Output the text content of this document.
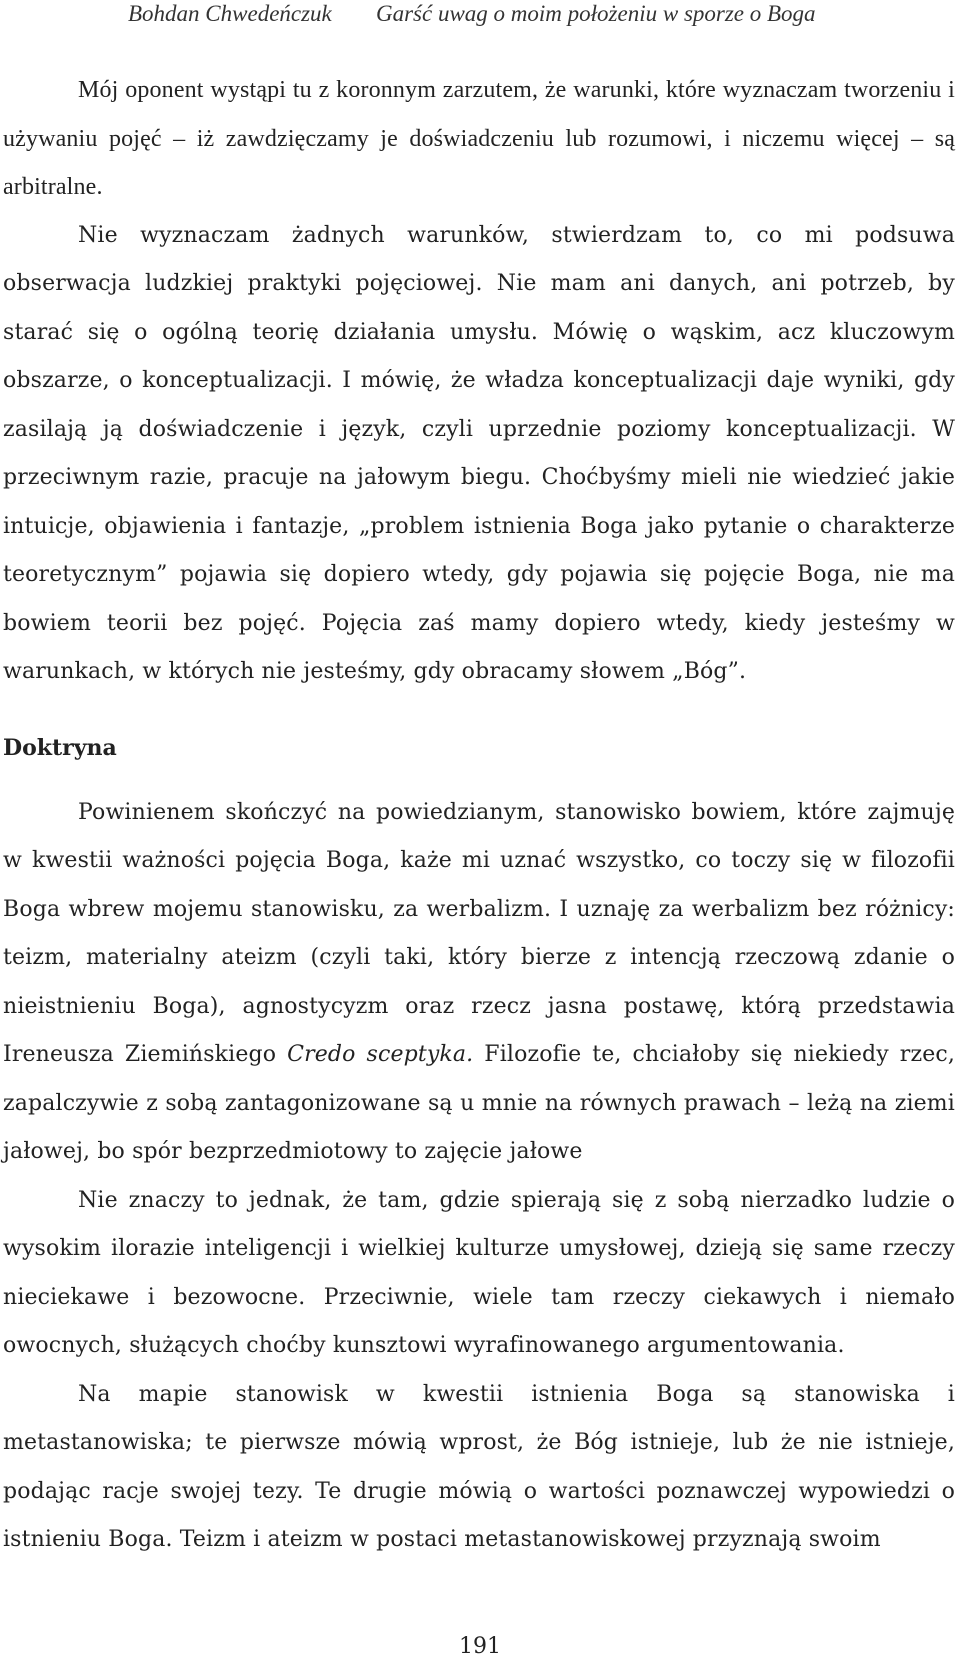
Bohdan Chwedeńczuk Garść uwag o moim położeniu w sporze o Boga

Mój oponent wystąpi tu z koronnym zarzutem, że warunki, które wyznaczam tworzeniu i używaniu pojęć – iż zawdzięczamy je doświadczeniu lub rozumowi, i niczemu więcej – są arbitralne.

Nie wyznaczam żadnych warunków, stwierdzam to, co mi podsuwa obserwacja ludzkiej praktyki pojęciowej. Nie mam ani danych, ani potrzeb, by starać się o ogólną teorię działania umysłu. Mówię o wąskim, acz kluczowym obszarze, o konceptualizacji. I mówię, że władza konceptualizacji daje wyniki, gdy zasilają ją doświadczenie i język, czyli uprzednie poziomy konceptualizacji. W przeciwnym razie, pracuje na jałowym biegu. Choćbyśmy mieli nie wiedzieć jakie intuicje, objawienia i fantazje, „problem istnienia Boga jako pytanie o charakterze teoretycznym” pojawia się dopiero wtedy, gdy pojawia się pojęcie Boga, nie ma bowiem teorii bez pojęć. Pojęcia zaś mamy dopiero wtedy, kiedy jesteśmy w warunkach, w których nie jesteśmy, gdy obracamy słowem „Bóg”.

Doktryna

Powinienem skończyć na powiedzianym, stanowisko bowiem, które zajmuję w kwestii ważności pojęcia Boga, każe mi uznać wszystko, co toczy się w filozofii Boga wbrew mojemu stanowisku, za werbalizm. I uznaję za werbalizm bez różnicy: teizm, materialny ateizm (czyli taki, który bierze z intencją rzeczową zdanie o nieistnieniu Boga), agnostycyzm oraz rzecz jasna postawę, którą przedstawia Ireneusza Ziemińskiego Credo sceptyka. Filozofie te, chciałoby się niekiedy rzec, zapalczywie z sobą zantagonizowane są u mnie na równych prawach – leżą na ziemi jałowej, bo spór bezprzedmiotowy to zajęcie jałowe

Nie znaczy to jednak, że tam, gdzie spierają się z sobą nierzadko ludzie o wysokim ilorazie inteligencji i wielkiej kulturze umysłowej, dzieją się same rzeczy nieciekawe i bezowocne. Przeciwnie, wiele tam rzeczy ciekawych i niemało owocnych, służących choćby kunsztowi wyrafinowanego argumentowania.

Na mapie stanowisk w kwestii istnienia Boga są stanowiska i metastanowiska; te pierwsze mówią wprost, że Bóg istnieje, lub że nie istnieje, podając racje swojej tezy. Te drugie mówią o wartości poznawczej wypowiedzi o istnieniu Boga. Teizm i ateizm w postaci metastanowiskowej przyznają swoim

191
